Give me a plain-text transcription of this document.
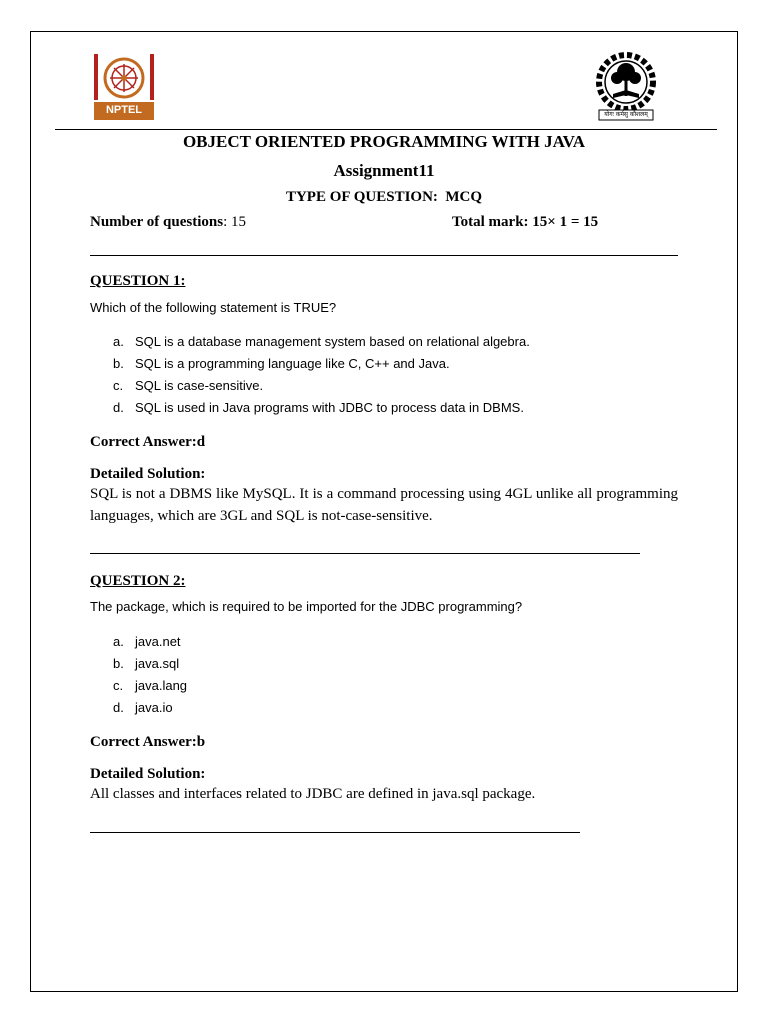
NPTEL	योगः कर्मसु कौशलम्
OBJECT ORIENTED PROGRAMMING WITH JAVA
Assignment11
TYPE OF QUESTION:  MCQ
Number of questions: 15	Total mark: 15× 1 = 15
QUESTION 1:
Which of the following statement is TRUE?
a. SQL is a database management system based on relational algebra.
b. SQL is a programming language like C, C++ and Java.
c. SQL is case-sensitive.
d. SQL is used in Java programs with JDBC to process data in DBMS.
Correct Answer:d
Detailed Solution:
SQL is not a DBMS like MySQL. It is a command processing using 4GL unlike all programming languages, which are 3GL and SQL is not-case-sensitive.
QUESTION 2:
The package, which is required to be imported for the JDBC programming?
a. java.net
b. java.sql
c. java.lang
d. java.io
Correct Answer:b
Detailed Solution:
All classes and interfaces related to JDBC are defined in java.sql package.
